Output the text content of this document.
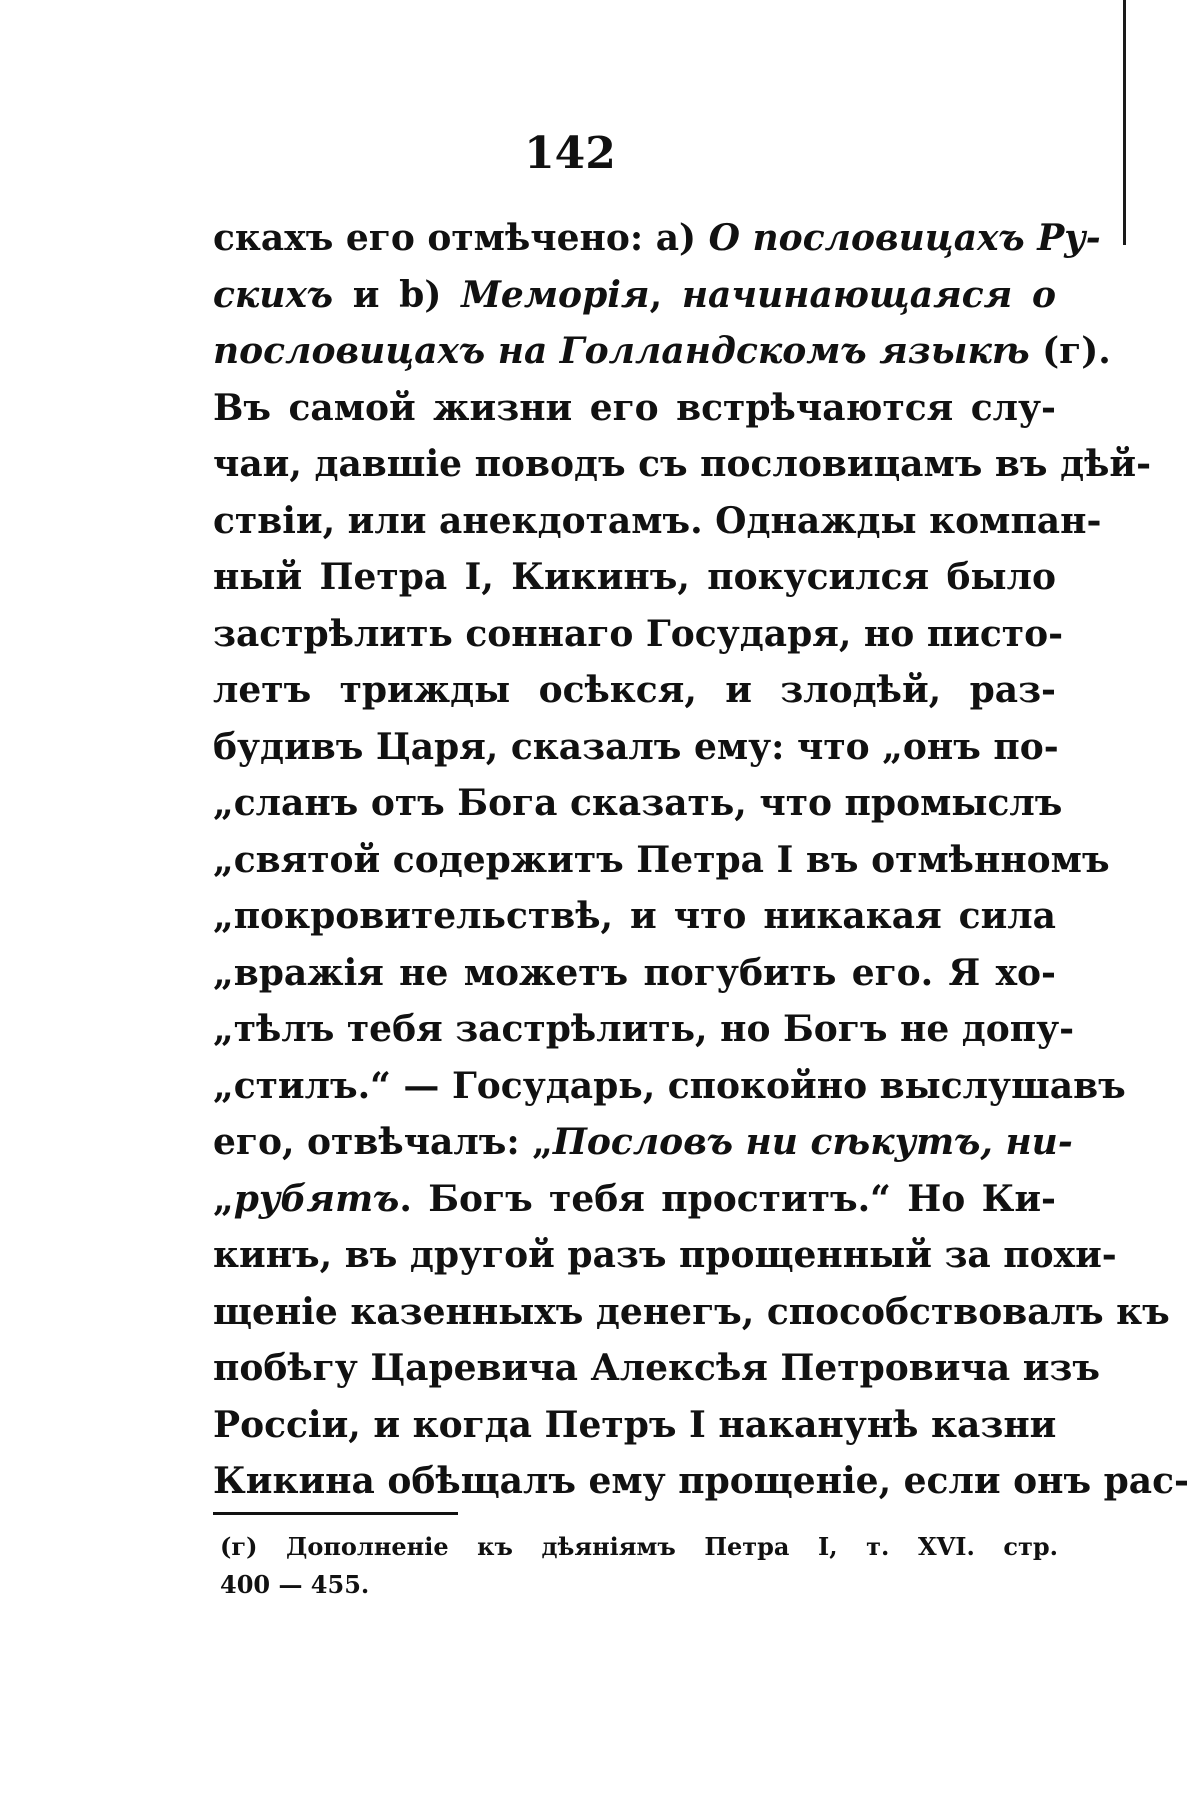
142
скахъ его отмѣчено: а) О пословицахъ Ру-
скихъ и b) Меморія, начинающаяся о
пословицахъ на Голландскомъ языкѣ (г).
Въ самой жизни его встрѣчаются слу-
чаи, давшіе поводъ съ пословицамъ въ дѣй-
ствіи, или анекдотамъ. Однажды компан-
ный Петра I, Кикинъ, покусился было
застрѣлить соннаго Государя, но пистo-
летъ трижды осѣкся, и злодѣй, раз-
будивъ Царя, сказалъ ему: что „онъ по-
„сланъ отъ Бога сказать, что промыслъ
„святой содержитъ Петра I въ отмѣнномъ
„покровительствѣ, и что никакая сила
„вражія не можетъ погубить его. Я хо-
„тѣлъ тебя застрѣлить, но Богъ не допу-
„стилъ.“ — Государь, спокойно выслушавъ
его, отвѣчалъ: „Пословъ ни сѣкутъ, ни-
„рубятъ. Богъ тебя проститъ.“ Но Ки-
кинъ, въ другой разъ прощенный за похи-
щеніе казенныхъ денегъ, способствовалъ къ
побѣгу Царевича Алексѣя Петровича изъ
Россіи, и когда Петръ I наканунѣ казни
Кикина обѣщалъ ему прощеніе, если онъ рас-
(г) Дополненіе къ дѣяніямъ Петра I, т. XVI. стр.
400 — 455.
